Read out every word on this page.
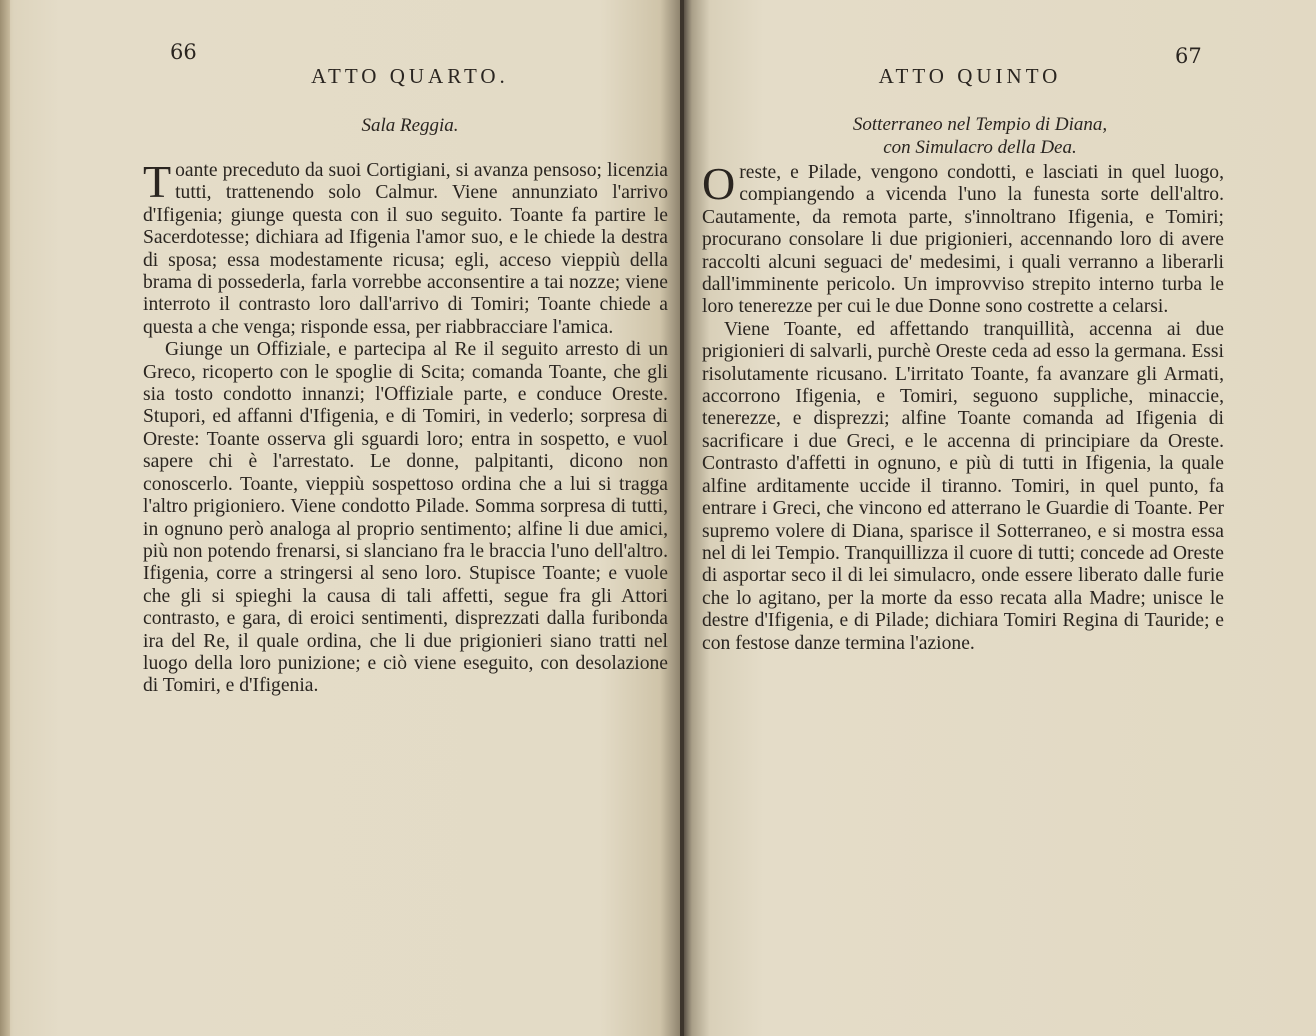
66
ATTO QUARTO.
Sala Reggia.

Toante preceduto da suoi Cortigiani, si avanza pensoso; licenzia tutti, trattenendo solo Calmur. Viene annunziato l'arrivo d'Ifigenia; giunge questa con il suo seguito. Toante fa partire le Sacerdotesse; dichiara ad Ifigenia l'amor suo, e le chiede la destra di sposa; essa modestamente ricusa; egli, acceso vieppiù della brama di possederla, farla vorrebbe acconsentire a tai nozze; viene interroto il contrasto loro dall'arrivo di Tomiri; Toante chiede a questa a che venga; risponde essa, per riabbracciare l'amica.

Giunge un Offiziale, e partecipa al Re il seguito arresto di un Greco, ricoperto con le spoglie di Scita; comanda Toante, che gli sia tosto condotto innanzi; l'Offiziale parte, e conduce Oreste. Stupori, ed affanni d'Ifigenia, e di Tomiri, in vederlo; sorpresa di Oreste: Toante osserva gli sguardi loro; entra in sospetto, e vuol sapere chi è l'arrestato. Le donne, palpitanti, dicono non conoscerlo. Toante, vieppiù sospettoso ordina che a lui si tragga l'altro prigioniero. Viene condotto Pilade. Somma sorpresa di tutti, in ognuno però analoga al proprio sentimento; alfine li due amici, più non potendo frenarsi, si slanciano fra le braccia l'uno dell'altro. Ifigenia, corre a stringersi al seno loro. Stupisce Toante; e vuole che gli si spieghi la causa di tali affetti, segue fra gli Attori contrasto, e gara, di eroici sentimenti, disprezzati dalla furibonda ira del Re, il quale ordina, che li due prigionieri siano tratti nel luogo della loro punizione; e ciò viene eseguito, con desolazione di Tomiri, e d'Ifigenia.

67
ATTO QUINTO
Sotterraneo nel Tempio di Diana,
con Simulacro della Dea.

Oreste, e Pilade, vengono condotti, e lasciati in quel luogo, compiangendo a vicenda l'uno la funesta sorte dell'altro. Cautamente, da remota parte, s'innoltrano Ifigenia, e Tomiri; procurano consolare li due prigionieri, accennando loro di avere raccolti alcuni seguaci de' medesimi, i quali verranno a liberarli dall'imminente pericolo. Un improvviso strepito interno turba le loro tenerezze per cui le due Donne sono costrette a celarsi.

Viene Toante, ed affettando tranquillità, accenna ai due prigionieri di salvarli, purchè Oreste ceda ad esso la germana. Essi risolutamente ricusano. L'irritato Toante, fa avanzare gli Armati, accorrono Ifigenia, e Tomiri, seguono suppliche, minaccie, tenerezze, e disprezzi; alfine Toante comanda ad Ifigenia di sacrificare i due Greci, e le accenna di principiare da Oreste. Contrasto d'affetti in ognuno, e più di tutti in Ifigenia, la quale alfine arditamente uccide il tiranno. Tomiri, in quel punto, fa entrare i Greci, che vincono ed atterrano le Guardie di Toante. Per supremo volere di Diana, sparisce il Sotterraneo, e si mostra essa nel di lei Tempio. Tranquillizza il cuore di tutti; concede ad Oreste di asportar seco il di lei simulacro, onde essere liberato dalle furie che lo agitano, per la morte da esso recata alla Madre; unisce le destre d'Ifigenia, e di Pilade; dichiara Tomiri Regina di Tauride; e con festose danze termina l'azione.
